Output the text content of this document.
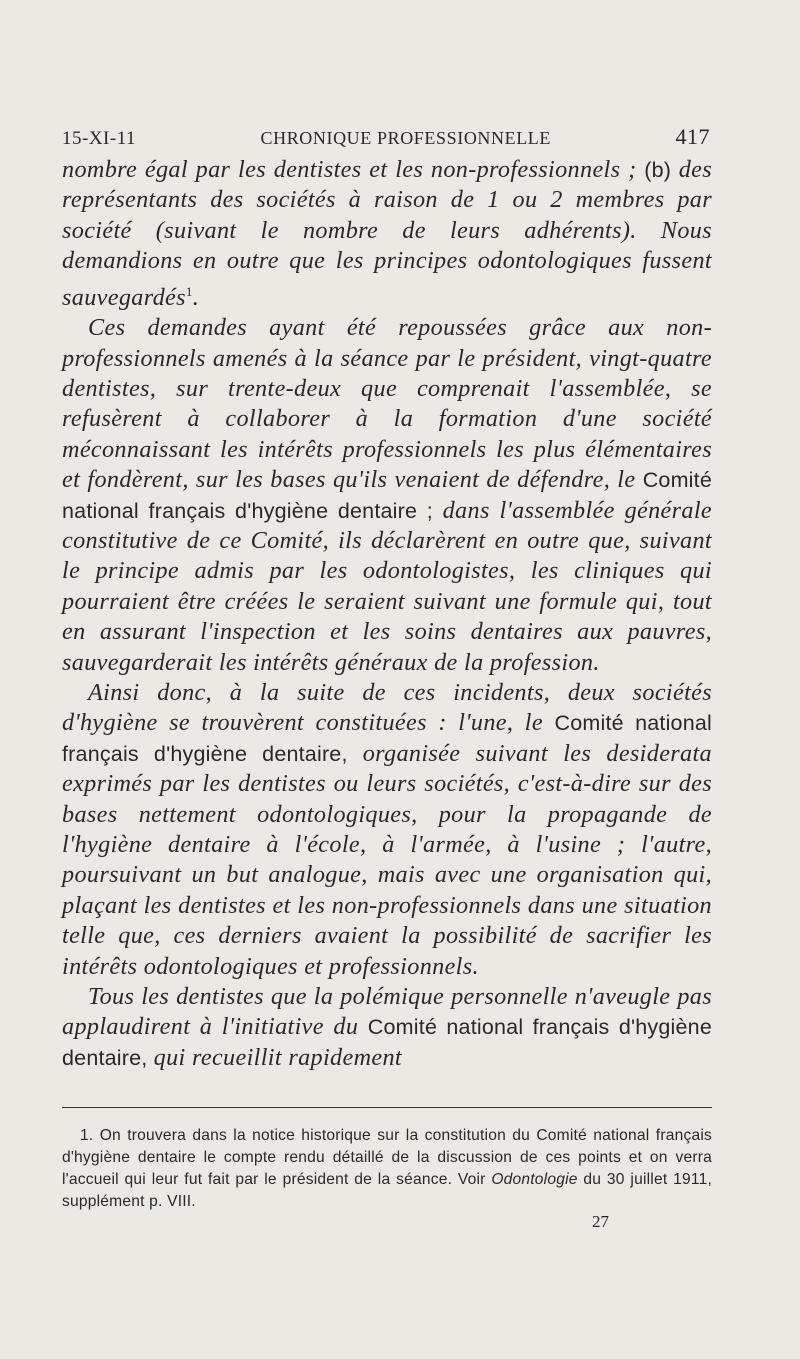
15-XI-11	CHRONIQUE PROFESSIONNELLE	417

nombre égal par les dentistes et les non-professionnels ; (b) des représentants des sociétés à raison de 1 ou 2 membres par société (suivant le nombre de leurs adhérents). Nous demandions en outre que les principes odontologiques fussent sauvegardés$^1$.

Ces demandes ayant été repoussées grâce aux non-professionnels amenés à la séance par le président, vingt-quatre dentistes, sur trente-deux que comprenait l'assemblée, se refusèrent à collaborer à la formation d'une société méconnaissant les intérêts professionnels les plus élémentaires et fondèrent, sur les bases qu'ils venaient de défendre, le Comité national français d'hygiène dentaire ; dans l'assemblée générale constitutive de ce Comité, ils déclarèrent en outre que, suivant le principe admis par les odontologistes, les cliniques qui pourraient être créées le seraient suivant une formule qui, tout en assurant l'inspection et les soins dentaires aux pauvres, sauvegarderait les intérêts généraux de la profession.

Ainsi donc, à la suite de ces incidents, deux sociétés d'hygiène se trouvèrent constituées : l'une, le Comité national français d'hygiène dentaire, organisée suivant les desiderata exprimés par les dentistes ou leurs sociétés, c'est-à-dire sur des bases nettement odontologiques, pour la propagande de l'hygiène dentaire à l'école, à l'armée, à l'usine ; l'autre, poursuivant un but analogue, mais avec une organisation qui, plaçant les dentistes et les non-professionnels dans une situation telle que, ces derniers avaient la possibilité de sacrifier les intérêts odontologiques et professionnels.

Tous les dentistes que la polémique personnelle n'aveugle pas applaudirent à l'initiative du Comité national français d'hygiène dentaire, qui recueillit rapidement

1. On trouvera dans la notice historique sur la constitution du Comité national français d'hygiène dentaire le compte rendu détaillé de la discussion de ces points et on verra l'accueil qui leur fut fait par le président de la séance. Voir Odontologie du 30 juillet 1911, supplément p. VIII.

27
